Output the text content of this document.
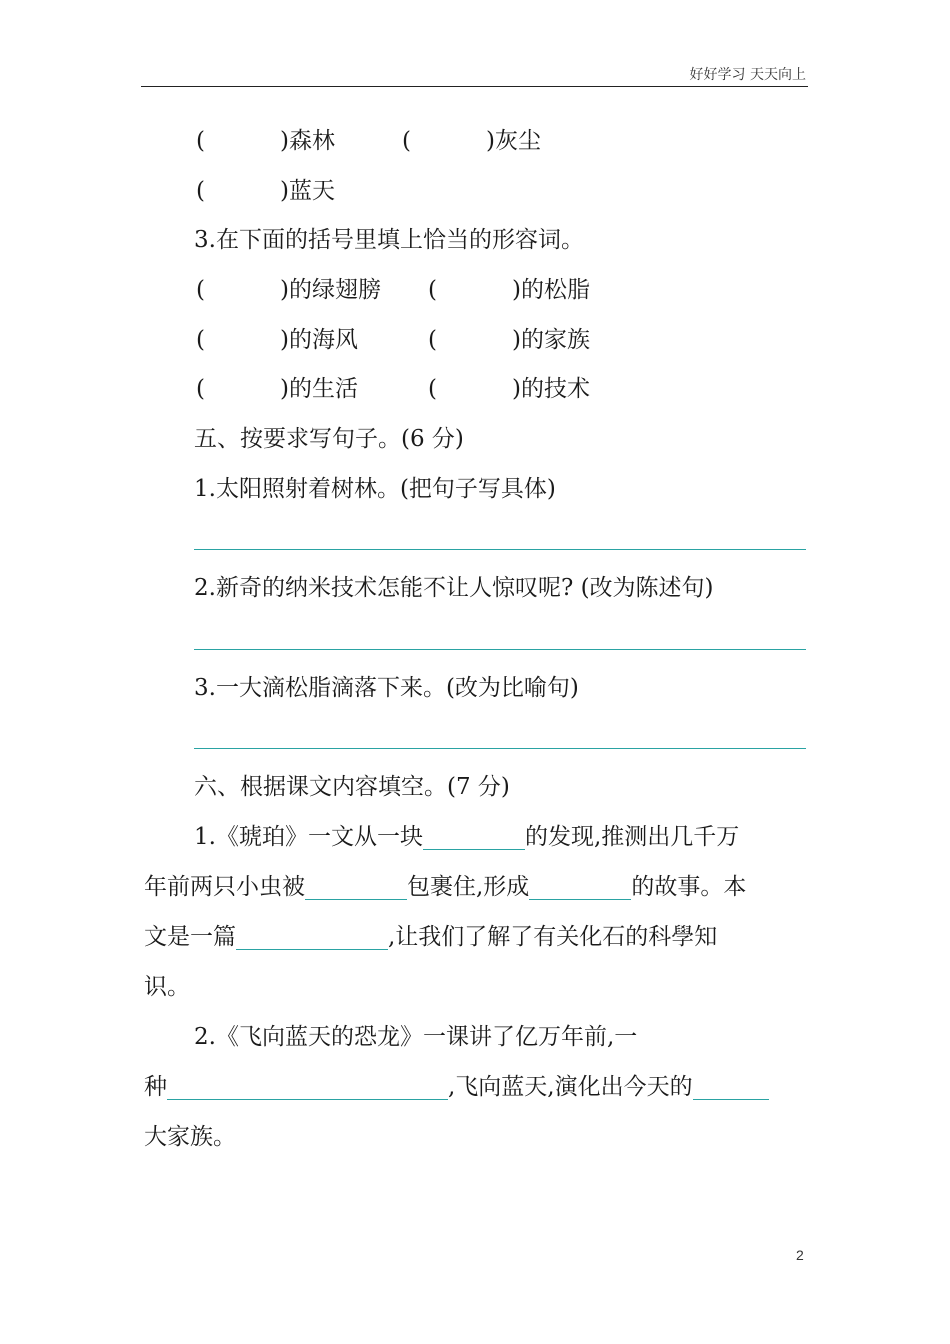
好好学习 天天向上
(	)森林	(	)灰尘
(	)蓝天
3.在下面的括号里填上恰当的形容词。
(	)的绿翅膀 (	)的松脂
(	)的海风	(	)的家族
(	)的生活	(	)的技术
五、按要求写句子。(6 分)
1.太阳照射着树林。(把句子写具体)
2.新奇的纳米技术怎能不让人惊叹呢? (改为陈述句)
3.一大滴松脂滴落下来。(改为比喻句)
六、根据课文内容填空。(7 分)
1.《琥珀》一文从一块	的发现,推测出几千万
年前两只小虫被	包裹住,形成	的故事。本
文是一篇	,让我们了解了有关化石的科學知
识。
2.《飞向蓝天的恐龙》一课讲了亿万年前,一
种	,飞向蓝天,演化出今天的
大家族。
2
